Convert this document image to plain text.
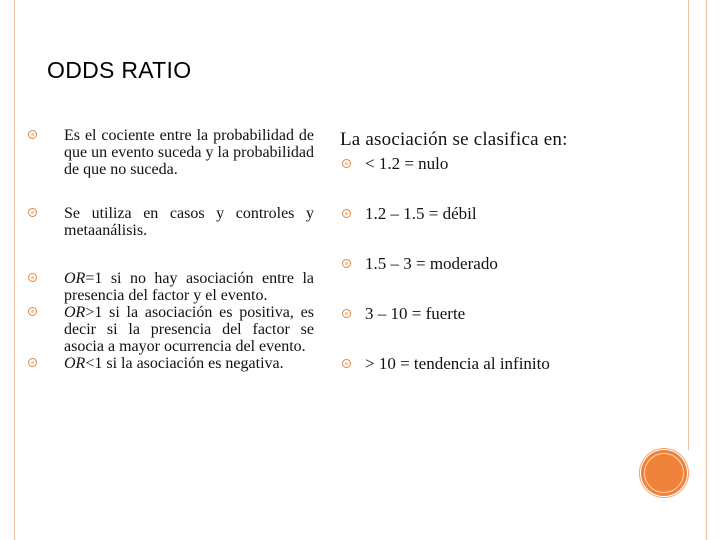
ODDS RATIO
Es el cociente entre la probabilidad de que un evento suceda y la probabilidad de que no suceda.
Se utiliza en casos y controles y metaanálisis.
OR=1 si no hay asociación entre la presencia del factor y el evento.
OR>1 si la asociación es positiva, es decir si la presencia del factor se asocia a mayor ocurrencia del evento.
OR<1 si la asociación es negativa.
La asociación se clasifica en:
< 1.2 = nulo
1.2 – 1.5 = débil
1.5 – 3 = moderado
3 – 10 = fuerte
> 10 = tendencia al infinito
